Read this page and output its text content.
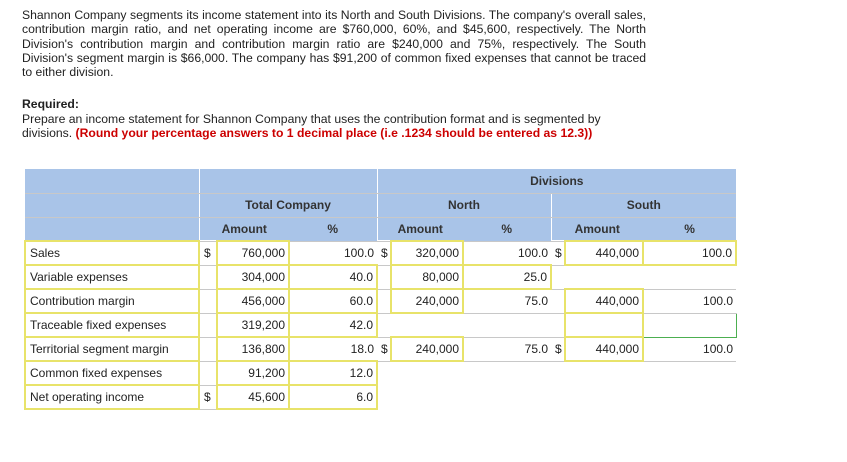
Shannon Company segments its income statement into its North and South Divisions. The company's overall sales, contribution margin ratio, and net operating income are $760,000, 60%, and $45,600, respectively. The North Division's contribution margin and contribution margin ratio are $240,000 and 75%, respectively. The South Division's segment margin is $66,000. The company has $91,200 of common fixed expenses that cannot be traced to either division.
Required:
Prepare an income statement for Shannon Company that uses the contribution format and is segmented by divisions. (Round your percentage answers to 1 decimal place (i.e .1234 should be entered as 12.3))
				Divisions					
	Total Company			North			South		
	Amount		%	Amount		%	Amount		%
Sales	$	760,000	100.0	$	320,000	100.0	$	440,000	100.0
Variable expenses		304,000	40.0		80,000	25.0			
Contribution margin		456,000	60.0		240,000	75.0		440,000	100.0
Traceable fixed expenses		319,200	42.0						
Territorial segment margin		136,800	18.0	$	240,000	75.0	$	440,000	100.0
Common fixed expenses		91,200	12.0						
Net operating income	$	45,600	6.0						
